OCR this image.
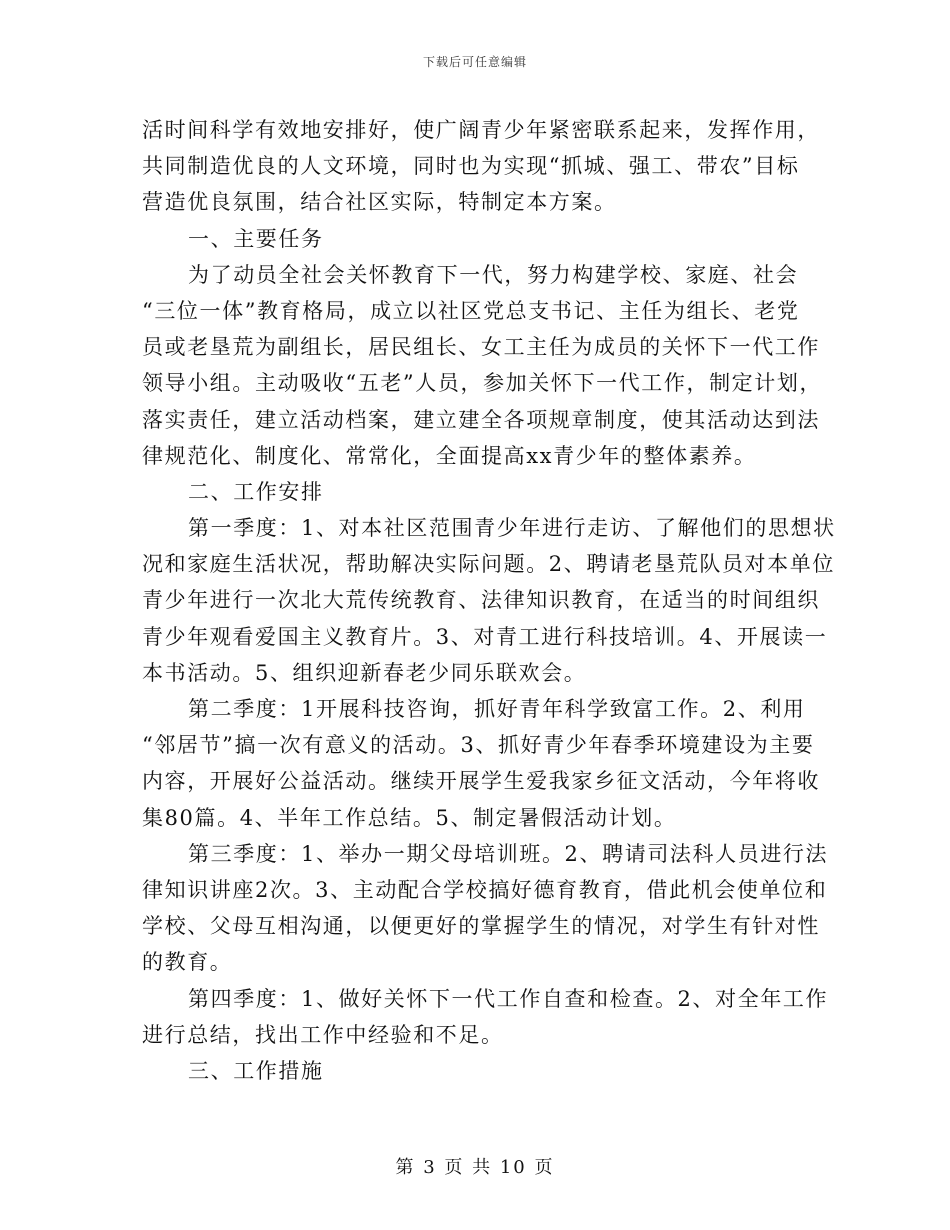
下载后可任意编辑
活时间科学有效地安排好，使广阔青少年紧密联系起来，发挥作用，
共同制造优良的人文环境，同时也为实现“抓城、强工、带农”目标
营造优良氛围，结合社区实际，特制定本方案。
一、主要任务
为了动员全社会关怀教育下一代，努力构建学校、家庭、社会
“三位一体”教育格局，成立以社区党总支书记、主任为组长、老党
员或老垦荒为副组长，居民组长、女工主任为成员的关怀下一代工作
领导小组。主动吸收“五老”人员，参加关怀下一代工作，制定计划，
落实责任，建立活动档案，建立建全各项规章制度，使其活动达到法
律规范化、制度化、常常化，全面提高xx青少年的整体素养。
二、工作安排
第一季度：1、对本社区范围青少年进行走访、了解他们的思想状
况和家庭生活状况，帮助解决实际问题。2、聘请老垦荒队员对本单位
青少年进行一次北大荒传统教育、法律知识教育，在适当的时间组织
青少年观看爱国主义教育片。3、对青工进行科技培训。4、开展读一
本书活动。5、组织迎新春老少同乐联欢会。
第二季度：1开展科技咨询，抓好青年科学致富工作。2、利用
“邻居节”搞一次有意义的活动。3、抓好青少年春季环境建设为主要
内容，开展好公益活动。继续开展学生爱我家乡征文活动，今年将收
集80篇。4、半年工作总结。5、制定暑假活动计划。
第三季度：1、举办一期父母培训班。2、聘请司法科人员进行法
律知识讲座2次。3、主动配合学校搞好德育教育，借此机会使单位和
学校、父母互相沟通，以便更好的掌握学生的情况，对学生有针对性
的教育。
第四季度：1、做好关怀下一代工作自查和检查。2、对全年工作
进行总结，找出工作中经验和不足。
三、工作措施
第 3 页 共 10 页
